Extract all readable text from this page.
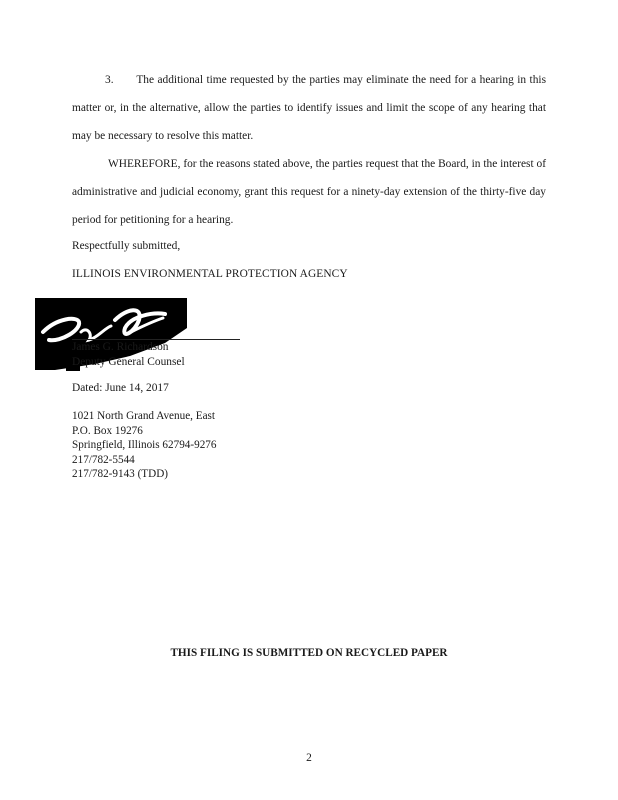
3.  The additional time requested by the parties may eliminate the need for a hearing in this matter or, in the alternative, allow the parties to identify issues and limit the scope of any hearing that may be necessary to resolve this matter.
WHEREFORE, for the reasons stated above, the parties request that the Board, in the interest of administrative and judicial economy, grant this request for a ninety-day extension of the thirty-five day period for petitioning for a hearing.
Respectfully submitted,
ILLINOIS ENVIRONMENTAL PROTECTION AGENCY
James G. Richardson
Deputy General Counsel
Dated: June 14, 2017
1021 North Grand Avenue, East
P.O. Box 19276
Springfield, Illinois 62794-9276
217/782-5544
217/782-9143 (TDD)
THIS FILING IS SUBMITTED ON RECYCLED PAPER
2
